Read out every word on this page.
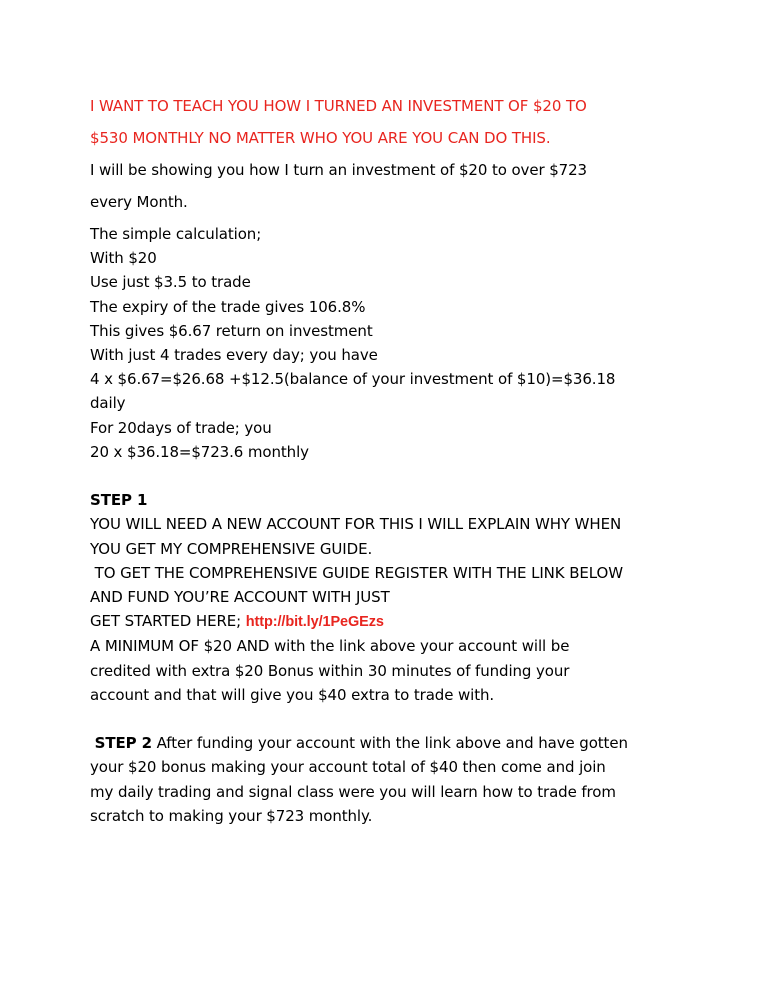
I WANT TO TEACH YOU HOW I TURNED AN INVESTMENT OF $20 TO

$530 MONTHLY NO MATTER WHO YOU ARE YOU CAN DO THIS.

I will be showing you how I turn an investment of $20 to over $723

every Month.

The simple calculation;

With $20

Use just $3.5 to trade

The expiry of the trade gives 106.8%

This gives $6.67 return on investment

With just 4 trades every day; you have

4 x $6.67=$26.68 +$12.5(balance of your investment of $10)=$36.18

daily

For 20days of trade; you

20 x $36.18=$723.6 monthly

STEP 1

YOU WILL NEED A NEW ACCOUNT FOR THIS I WILL EXPLAIN WHY WHEN

YOU GET MY COMPREHENSIVE GUIDE.

TO GET THE COMPREHENSIVE GUIDE REGISTER WITH THE LINK BELOW

AND FUND YOU’RE ACCOUNT WITH JUST

GET STARTED HERE; http://bit.ly/1PeGEzs

A MINIMUM OF $20 AND with the link above your account will be

credited with extra $20 Bonus within 30 minutes of funding your

account and that will give you $40 extra to trade with.

STEP 2 After funding your account with the link above and have gotten

your $20 bonus making your account total of $40 then come and join

my daily trading and signal class were you will learn how to trade from

scratch to making your $723 monthly.
